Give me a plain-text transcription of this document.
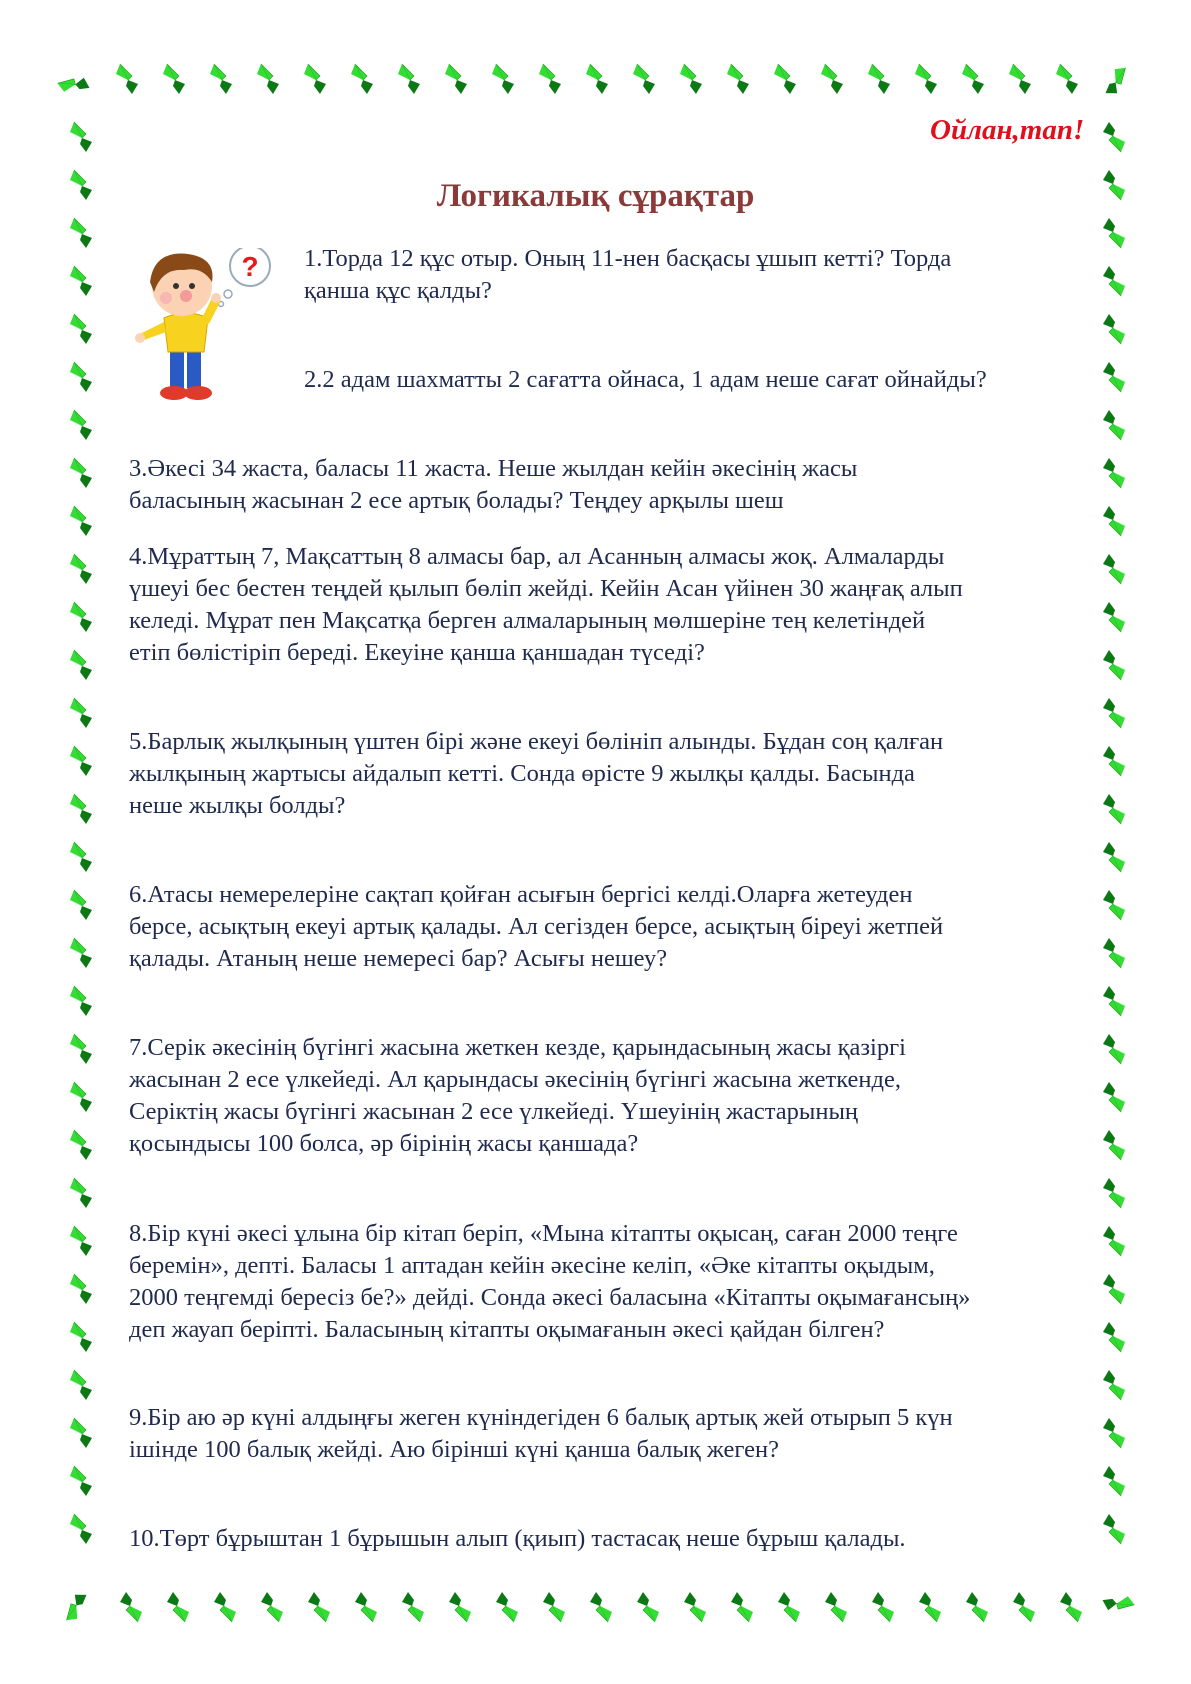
Ойлан,тап!
Логикалық сұрақтар
? 1.Торда 12 құс отыр. Оның 11-нен басқасы ұшып кетті? Торда
қанша құс қалды?
2.2 адам шахматты 2 сағатта ойнаса, 1 адам неше сағат ойнайды?
3.Әкесі 34 жаста, баласы 11 жаста. Неше жылдан кейін әкесінің жасы
баласының жасынан 2 есе артық болады? Теңдеу арқылы шеш
4.Мұраттың 7, Мақсаттың 8 алмасы бар, ал Асанның алмасы жоқ. Алмаларды
үшеуі бес бестен теңдей қылып бөліп жейді. Кейін Асан үйінен 30 жаңғақ алып
келеді. Мұрат пен Мақсатқа берген алмаларының мөлшеріне тең келетіндей
етіп бөлістіріп береді. Екеуіне қанша қаншадан түседі?
5.Барлық жылқының үштен бірі және екеуі бөлініп алынды. Бұдан соң қалған
жылқының жартысы айдалып кетті. Сонда өрісте 9 жылқы қалды. Басында
неше жылқы болды?
6.Атасы немерелеріне сақтап қойған асығын бергісі келді.Оларға жетеуден
берсе, асықтың екеуі артық қалады. Ал сегізден берсе, асықтың біреуі жетпей
қалады. Атаның неше немересі бар? Асығы нешеу?
7.Серік әкесінің бүгінгі жасына жеткен кезде, қарындасының жасы қазіргі
жасынан 2 есе үлкейеді. Ал қарындасы әкесінің бүгінгі жасына жеткенде,
Серіктің жасы бүгінгі жасынан 2 есе үлкейеді. Үшеуінің жастарының
қосындысы 100 болса, әр бірінің жасы қаншада?
8.Бір күні әкесі ұлына бір кітап беріп, «Мына кітапты оқысаң, саған 2000 теңге
беремін», депті. Баласы 1 аптадан кейін әкесіне келіп, «Әке кітапты оқыдым,
2000 теңгемді бересіз бе?» дейді. Сонда әкесі баласына «Кітапты оқымағансың»
деп жауап беріпті. Баласының кітапты оқымағанын әкесі қайдан білген?
9.Бір аю әр күні алдыңғы жеген күніндегіден 6 балық артық жей отырып 5 күн
ішінде 100 балық жейді. Аю бірінші күні қанша балық жеген?
10.Төрт бұрыштан 1 бұрышын алып (қиып) тастасақ неше бұрыш қалады.
